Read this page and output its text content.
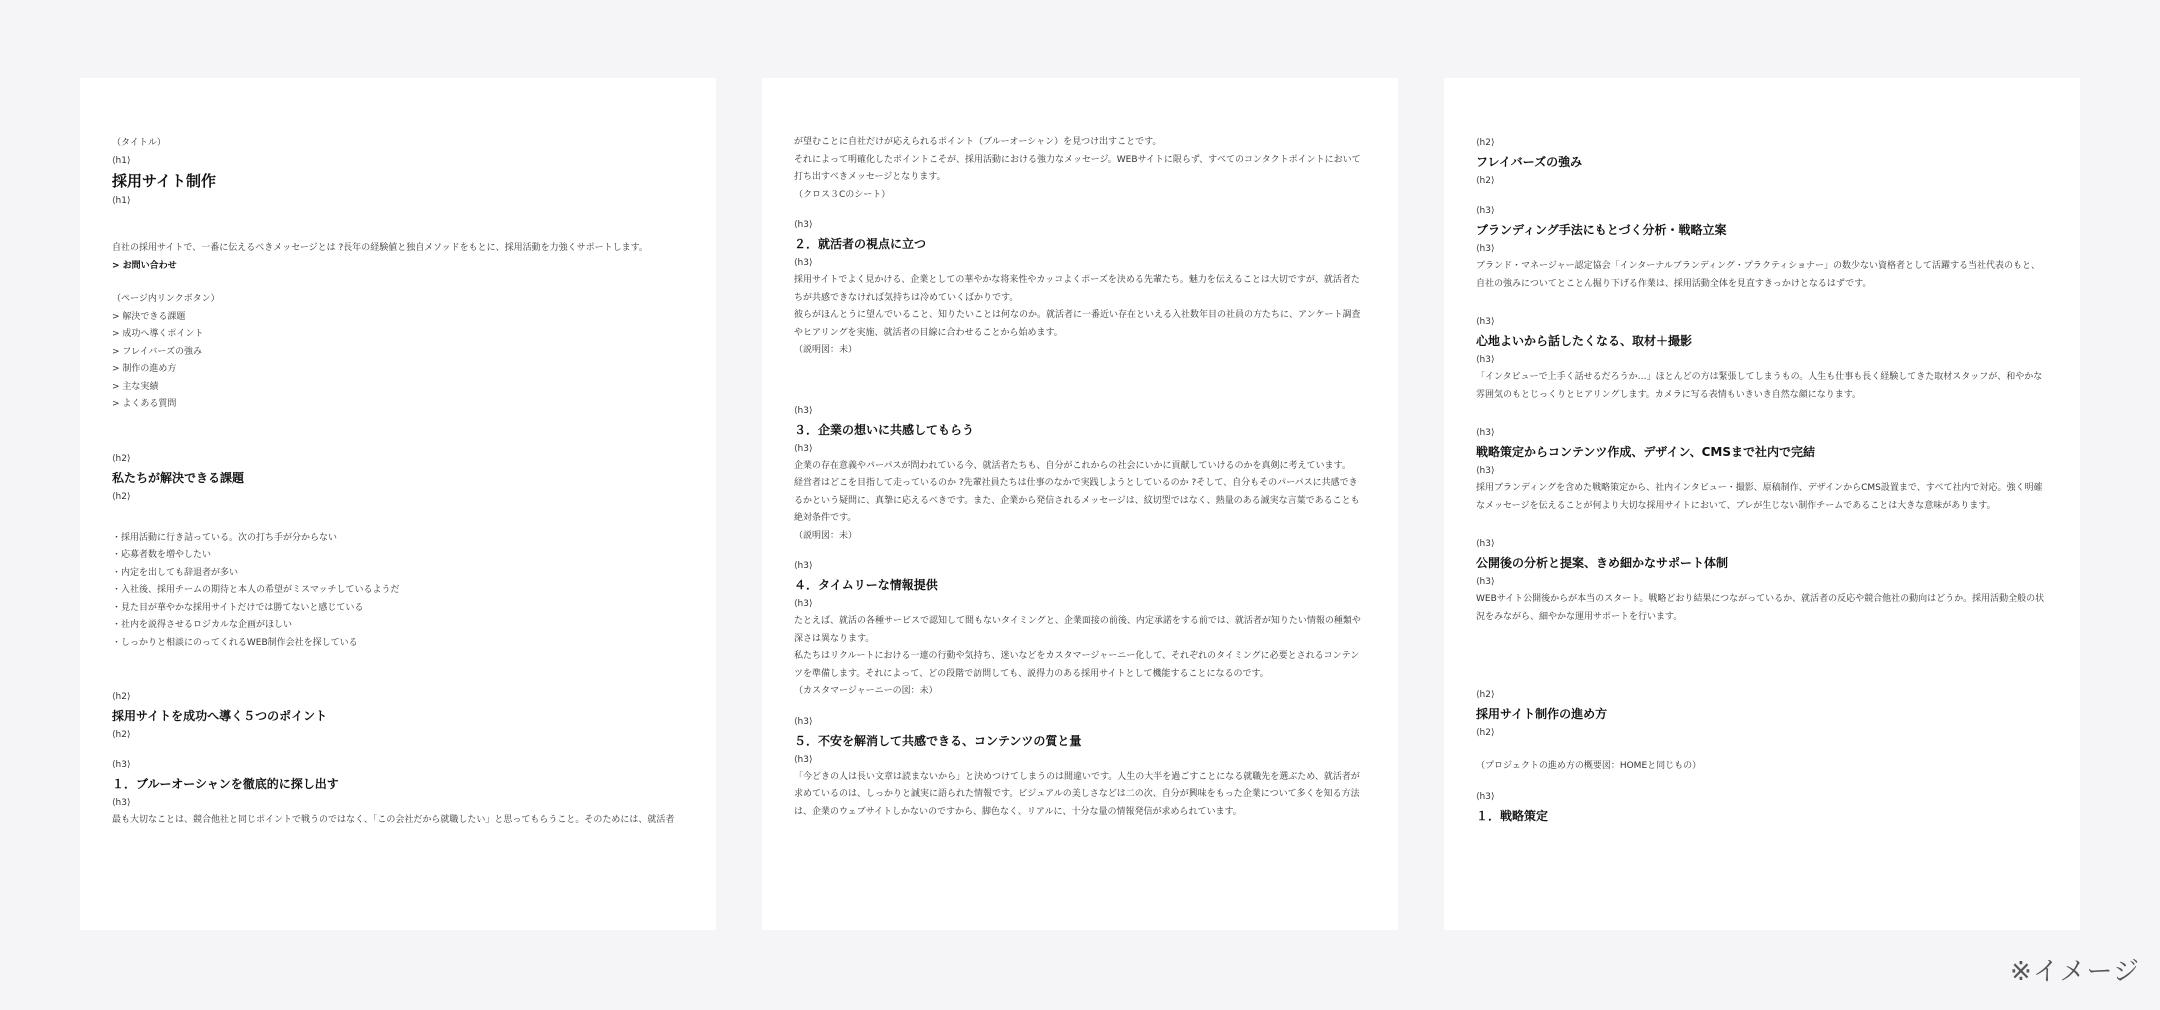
（タイトル）
⟨h1⟩
採用サイト制作
⟨h1⟩
自社の採用サイトで、一番に伝えるべきメッセージとは ?長年の経験値と独自メソッドをもとに、採用活動を力強くサポートします。
> お問い合わせ
（ページ内リンクボタン）
> 解決できる課題
> 成功へ導くポイント
> フレイバーズの強み
> 制作の進め方
> 主な実績
> よくある質問
⟨h2⟩
私たちが解決できる課題
⟨h2⟩
・採用活動に行き詰っている。次の打ち手が分からない
・応募者数を増やしたい
・内定を出しても辞退者が多い
・入社後、採用チームの期待と本人の希望がミスマッチしているようだ
・見た目が華やかな採用サイトだけでは勝てないと感じている
・社内を説得させるロジカルな企画がほしい
・しっかりと相談にのってくれるWEB制作会社を探している
⟨h2⟩
採用サイトを成功へ導く５つのポイント
⟨h2⟩
⟨h3⟩
１．ブルーオーシャンを徹底的に探し出す
⟨h3⟩
最も大切なことは、競合他社と同じポイントで戦うのではなく、「この会社だから就職したい」と思ってもらうこと。そのためには、就活者
が望むことに自社だけが応えられるポイント（ブルーオーシャン）を見つけ出すことです。
それによって明確化したポイントこそが、採用活動における強力なメッセージ。WEBサイトに限らず、すべてのコンタクトポイントにおいて
打ち出すべきメッセージとなります。
（クロス３Cのシート）
⟨h3⟩
２．就活者の視点に立つ
⟨h3⟩
採用サイトでよく見かける、企業としての華やかな将来性やカッコよくポーズを決める先輩たち。魅力を伝えることは大切ですが、就活者た
ちが共感できなければ気持ちは冷めていくばかりです。
彼らがほんとうに望んでいること、知りたいことは何なのか。就活者に一番近い存在といえる入社数年目の社員の方たちに、アンケート調査
やヒアリングを実施、就活者の目線に合わせることから始めます。
（説明図：未）
⟨h3⟩
３．企業の想いに共感してもらう
⟨h3⟩
企業の存在意義やパーパスが問われている今、就活者たちも、自分がこれからの社会にいかに貢献していけるのかを真剣に考えています。
経営者はどこを目指して走っているのか ?先輩社員たちは仕事のなかで実践しようとしているのか ?そして、自分もそのパーパスに共感でき
るかという疑問に、真摯に応えるべきです。また、企業から発信されるメッセージは、紋切型ではなく、熱量のある誠実な言葉であることも
絶対条件です。
（説明図：未）
⟨h3⟩
４．タイムリーな情報提供
⟨h3⟩
たとえば、就活の各種サービスで認知して間もないタイミングと、企業面接の前後、内定承諾をする前では、就活者が知りたい情報の種類や
深さは異なります。
私たちはリクルートにおける一連の行動や気持ち、迷いなどをカスタマージャーニー化して、それぞれのタイミングに必要とされるコンテン
ツを準備します。それによって、どの段階で訪問しても、説得力のある採用サイトとして機能することになるのです。
（カスタマージャーニーの図：未）
⟨h3⟩
５．不安を解消して共感できる、コンテンツの質と量
⟨h3⟩
「今どきの人は長い文章は読まないから」と決めつけてしまうのは間違いです。人生の大半を過ごすことになる就職先を選ぶため、就活者が
求めているのは、しっかりと誠実に語られた情報です。ビジュアルの美しさなどは二の次、自分が興味をもった企業について多くを知る方法
は、企業のウェブサイトしかないのですから、脚色なく、リアルに、十分な量の情報発信が求められています。
⟨h2⟩
フレイバーズの強み
⟨h2⟩
⟨h3⟩
ブランディング手法にもとづく分析・戦略立案
⟨h3⟩
ブランド・マネージャー認定協会「インターナルブランディング・プラクティショナー」の数少ない資格者として活躍する当社代表のもと、
自社の強みについてとことん掘り下げる作業は、採用活動全体を見直すきっかけとなるはずです。
⟨h3⟩
心地よいから話したくなる、取材＋撮影
⟨h3⟩
「インタビューで上手く話せるだろうか…」ほとんどの方は緊張してしまうもの。人生も仕事も長く経験してきた取材スタッフが、和やかな
雰囲気のもとじっくりとヒアリングします。カメラに写る表情もいきいき自然な顔になります。
⟨h3⟩
戦略策定からコンテンツ作成、デザイン、CMSまで社内で完結
⟨h3⟩
採用ブランディングを含めた戦略策定から、社内インタビュー・撮影、原稿制作、デザインからCMS設置まで、すべて社内で対応。強く明確
なメッセージを伝えることが何より大切な採用サイトにおいて、ブレが生じない制作チームであることは大きな意味があります。
⟨h3⟩
公開後の分析と提案、きめ細かなサポート体制
⟨h3⟩
WEBサイト公開後からが本当のスタート。戦略どおり結果につながっているか、就活者の反応や競合他社の動向はどうか。採用活動全般の状
況をみながら、細やかな運用サポートを行います。
⟨h2⟩
採用サイト制作の進め方
⟨h2⟩
（プロジェクトの進め方の概要図：HOMEと同じもの）
⟨h3⟩
１．戦略策定
※イメージ
